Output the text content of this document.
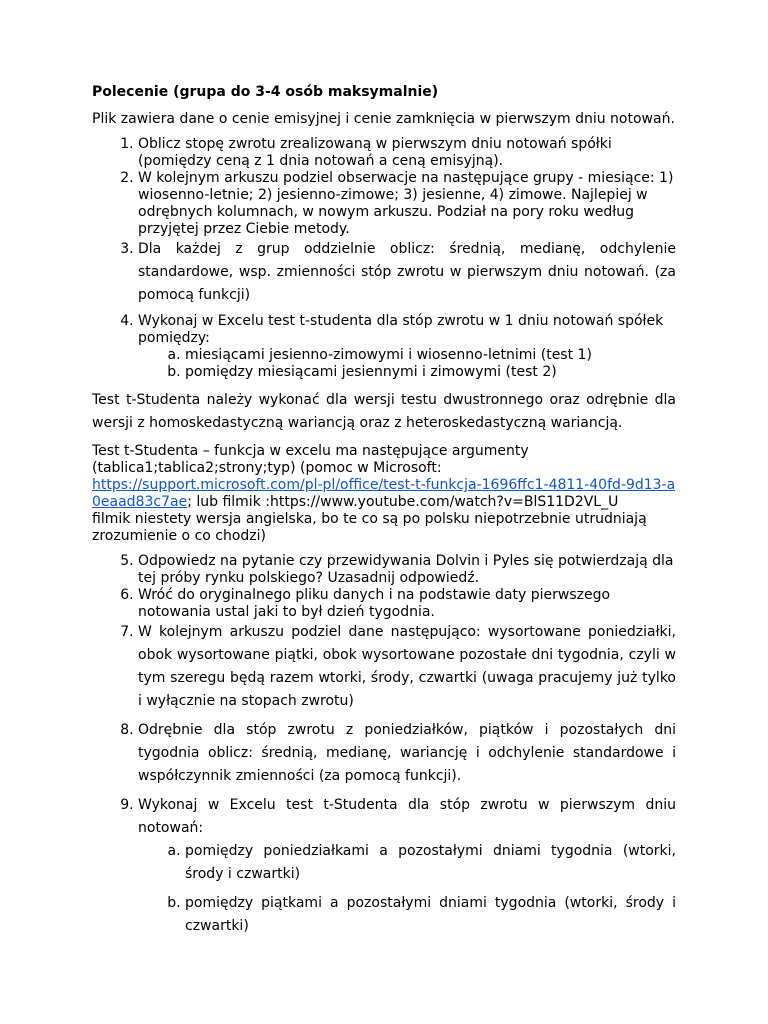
Polecenie (grupa do 3-4 osób maksymalnie)

Plik zawiera dane o cenie emisyjnej i cenie zamknięcia w pierwszym dniu notowań.

1. Oblicz stopę zwrotu zrealizowaną w pierwszym dniu notowań spółki (pomiędzy ceną z 1 dnia notowań a ceną emisyjną).
2. W kolejnym arkuszu podziel obserwacje na następujące grupy - miesiące: 1) wiosenno-letnie; 2) jesienno-zimowe; 3) jesienne, 4) zimowe. Najlepiej w odrębnych kolumnach, w nowym arkuszu. Podział na pory roku według przyjętej przez Ciebie metody.
3. Dla każdej z grup oddzielnie oblicz: średnią, medianę, odchylenie standardowe, wsp. zmienności stóp zwrotu w pierwszym dniu notowań. (za pomocą funkcji)
4. Wykonaj w Excelu test t-studenta dla stóp zwrotu w 1 dniu notowań spółek pomiędzy:
a. miesiącami jesienno-zimowymi i wiosenno-letnimi (test 1)
b. pomiędzy miesiącami jesiennymi i zimowymi (test 2)

Test t-Studenta należy wykonać dla wersji testu dwustronnego oraz odrębnie dla wersji z homoskedastyczną wariancją oraz z heteroskedastyczną wariancją.

Test t-Studenta – funkcja w excelu ma następujące argumenty (tablica1;tablica2;strony;typ) (pomoc w Microsoft:
https://support.microsoft.com/pl-pl/office/test-t-funkcja-1696ffc1-4811-40fd-9d13-a0eaad83c7ae; lub filmik :https://www.youtube.com/watch?v=BlS11D2VL_U
filmik niestety wersja angielska, bo te co są po polsku niepotrzebnie utrudniają zrozumienie o co chodzi)

5. Odpowiedz na pytanie czy przewidywania Dolvin i Pyles się potwierdzają dla tej próby rynku polskiego? Uzasadnij odpowiedź.
6. Wróć do oryginalnego pliku danych i na podstawie daty pierwszego notowania ustal jaki to był dzień tygodnia.
7. W kolejnym arkuszu podziel dane następująco: wysortowane poniedziałki, obok wysortowane piątki, obok wysortowane pozostałe dni tygodnia, czyli w tym szeregu będą razem wtorki, środy, czwartki (uwaga pracujemy już tylko i wyłącznie na stopach zwrotu)
8. Odrębnie dla stóp zwrotu z poniedziałków, piątków i pozostałych dni tygodnia oblicz: średnią, medianę, wariancję i odchylenie standardowe i współczynnik zmienności (za pomocą funkcji).
9. Wykonaj w Excelu test t-Studenta dla stóp zwrotu w pierwszym dniu notowań:
a. pomiędzy poniedziałkami a pozostałymi dniami tygodnia (wtorki, środy i czwartki)
b. pomiędzy piątkami a pozostałymi dniami tygodnia (wtorki, środy i czwartki)
